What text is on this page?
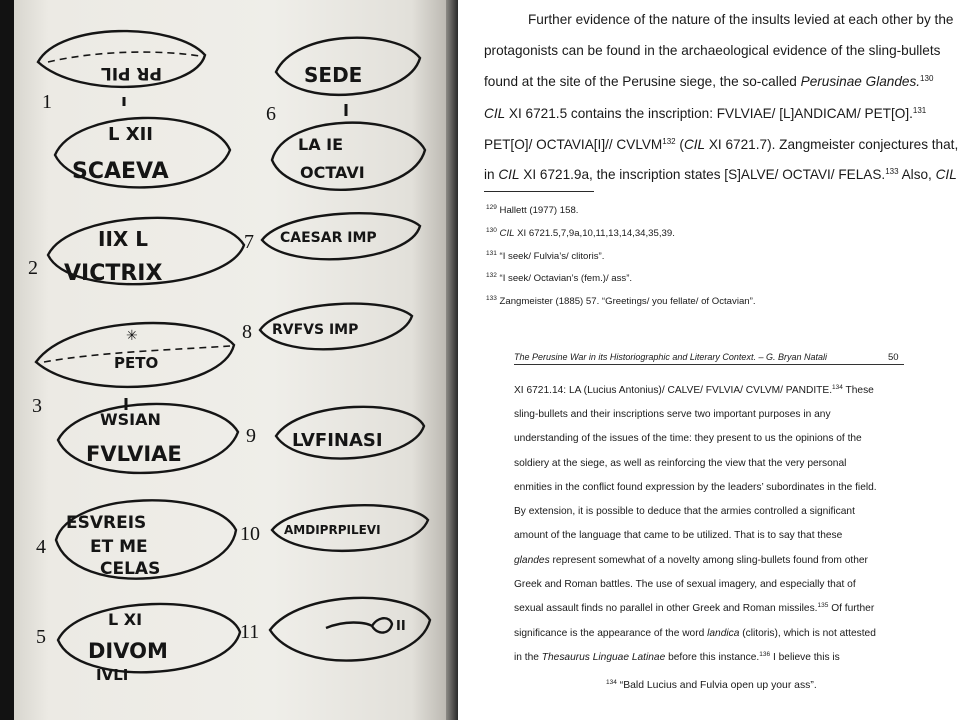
1
PR PIL
L XII
SCAEVA
2
IIX L
VICTRIX
3
✳
PETO
WSIAN
FVLVIAE
4
ESVREIS
ET ME
CELAS
5
L XI
DIVOM
IVLI
6
SEDE
LA IE
OCTAVI
7 CAESAR IMP
8 RVFVS IMP
9 LVFINASI
10 AMDIPRPILEVI
11	II
Further evidence of the nature of the insults levied at each other by the
protagonists can be found in the archaeological evidence of the sling-bullets
found at the site of the Perusine siege, the so-called Perusinae Glandes.$^{130}$
CIL XI 6721.5 contains the inscription: FVLVIAE/ [L]ANDICAM/ PET[O].$^{131}$
PET[O]/ OCTAVIA[I]// CVLVM$^{132}$ (CIL XI 6721.7). Zangmeister conjectures that,
in CIL XI 6721.9a, the inscription states [S]ALVE/ OCTAVI/ FELAS.$^{133}$ Also, CIL
$^{129}$ Hallett (1977) 158.
$^{130}$ CIL XI 6721.5,7,9a,10,11,13,14,34,35,39.
$^{131}$ “I seek/ Fulvia’s/ clitoris”.
$^{132}$ “I seek/ Octavian’s (fem.)/ ass”.
$^{133}$ Zangmeister (1885) 57. “Greetings/ you fellate/ of Octavian”.
The Perusine War in its Historiographic and Literary Context. – G. Bryan Natali	50
XI 6721.14: LA (Lucius Antonius)/ CALVE/ FVLVIA/ CVLVM/ PANDITE.$^{134}$ These
sling-bullets and their inscriptions serve two important purposes in any
understanding of the issues of the time: they present to us the opinions of the
soldiery at the siege, as well as reinforcing the view that the very personal
enmities in the conflict found expression by the leaders’ subordinates in the field.
By extension, it is possible to deduce that the armies controlled a significant
amount of the language that came to be utilized. That is to say that these
glandes represent somewhat of a novelty among sling-bullets found from other
Greek and Roman battles. The use of sexual imagery, and especially that of
sexual assault finds no parallel in other Greek and Roman missiles.$^{135}$ Of further
significance is the appearance of the word landica (clitoris), which is not attested
in the Thesaurus Linguae Latinae before this instance.$^{136}$ I believe this is
$^{134}$ “Bald Lucius and Fulvia open up your ass”.
